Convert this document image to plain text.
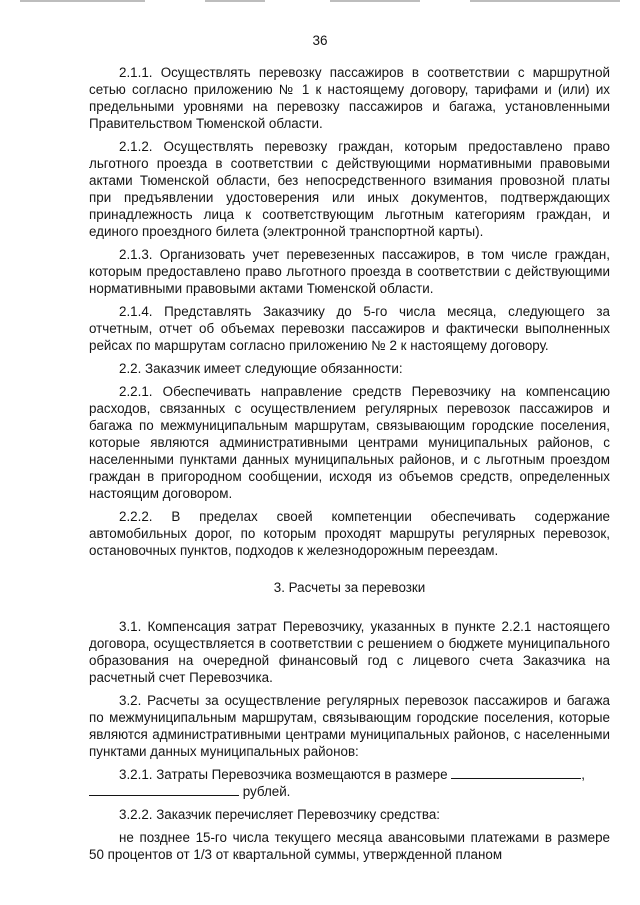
36

2.1.1. Осуществлять перевозку пассажиров в соответствии с маршрутной сетью согласно приложению № 1 к настоящему договору, тарифами и (или) их предельными уровнями на перевозку пассажиров и багажа, установленными Правительством Тюменской области.

2.1.2. Осуществлять перевозку граждан, которым предоставлено право льготного проезда в соответствии с действующими нормативными правовыми актами Тюменской области, без непосредственного взимания провозной платы при предъявлении удостоверения или иных документов, подтверждающих принадлежность лица к соответствующим льготным категориям граждан, и единого проездного билета (электронной транспортной карты).

2.1.3. Организовать учет перевезенных пассажиров, в том числе граждан, которым предоставлено право льготного проезда в соответствии с действующими нормативными правовыми актами Тюменской области.

2.1.4. Представлять Заказчику до 5-го числа месяца, следующего за отчетным, отчет об объемах перевозки пассажиров и фактически выполненных рейсах по маршрутам согласно приложению № 2 к настоящему договору.

2.2. Заказчик имеет следующие обязанности:

2.2.1. Обеспечивать направление средств Перевозчику на компенсацию расходов, связанных с осуществлением регулярных перевозок пассажиров и багажа по межмуниципальным маршрутам, связывающим городские поселения, которые являются административными центрами муниципальных районов, с населенными пунктами данных муниципальных районов, и с льготным проездом граждан в пригородном сообщении, исходя из объемов средств, определенных настоящим договором.

2.2.2. В пределах своей компетенции обеспечивать содержание автомобильных дорог, по которым проходят маршруты регулярных перевозок, остановочных пунктов, подходов к железнодорожным переездам.

3. Расчеты за перевозки

3.1. Компенсация затрат Перевозчику, указанных в пункте 2.2.1 настоящего договора, осуществляется в соответствии с решением о бюджете муниципального образования на очередной финансовый год с лицевого счета Заказчика на расчетный счет Перевозчика.

3.2. Расчеты за осуществление регулярных перевозок пассажиров и багажа по межмуниципальным маршрутам, связывающим городские поселения, которые являются административными центрами муниципальных районов, с населенными пунктами данных муниципальных районов:

3.2.1. Затраты Перевозчика возмещаются в размере	,
рублей.

3.2.2. Заказчик перечисляет Перевозчику средства:

не позднее 15-го числа текущего месяца авансовыми платежами в размере 50 процентов от 1/3 от квартальной суммы, утвержденной планом
